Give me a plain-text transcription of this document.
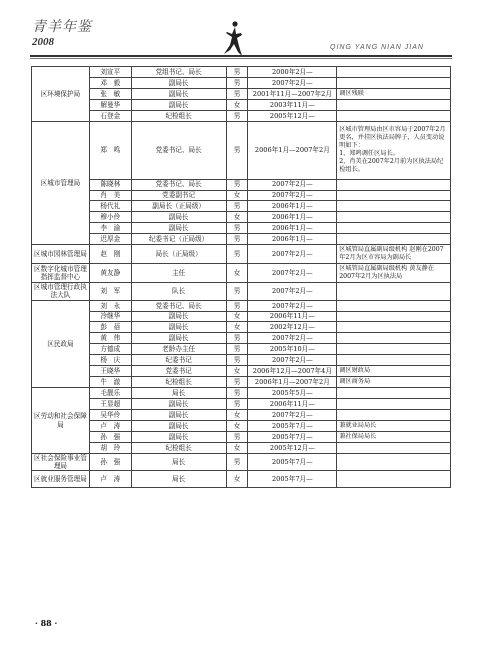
青羊年鉴
2008	QING YANG NIAN JIAN
区环境保护局	刘宣平	党组书记、局长	男	2000年2月—	
	邓　毅	副局长	男	2007年2月—	
	张　敏	副局长	男	2001年11月—2007年2月	调区残联
	解曼华	副局长	女	2003年11月—	
	石登金	纪检组长	男	2005年12月—	
区城市管理局	郑　鸣	党委书记、局长	男	2006年1月—2007年2月	区城市管理局由区市容局于2007年2月更名，并挂区执法局牌子，人员变动说明如下：
1、郑鸣调任区局长。
2、肖美在2007年2月前为区执法局纪检组长。
	陈晓林	党委书记、局长	男	2007年2月—	
	肖　美	党委副书记	女	2007年2月—	
	杨代礼	副局长（正局级）	男	2006年1月—	
	穆小伶	副局长	女	2006年1月—	
	李　渝	副局长	男	2006年1月—	
	迟厚金	纪委书记（正局级）	男	2006年1月—	
区城市园林管理局	赵　刚	局长（正局级）	男	2007年2月—	区城管局直属副局级机构 赵刚在2007年2月为区市容局为副局长
区数字化城市管理指挥监督中心	黄友静	主任	女	2007年2月—	区城管局直属副局级机构 黄友静在2007年2月为区执法局
区城市管理行政执法大队	刘　军	队长	男	2007年2月—	
区民政局	刘　永	党委书记、局长	男	2007年2月—	
	冷继华	副局长	女	2006年11月—	
	彭　蓓	副局长	女	2002年12月—	
	黄　伟	副局长	男	2007年2月—	
	方德成	老龄办主任	男	2005年10月—	
	杨　庆	纪委书记	男	2007年2月—	
	王晓华	党委书记	女	2006年12月—2007年4月	调区财政局
	牛　澈	纪检组长	男	2006年1月—2007年2月	调区商务局
区劳动和社会保障局	毛靓乐	局长	男	2005年5月—	
	王显超	副局长	男	2006年11月—	
	吴华伶	副局长	女	2007年2月—	
	卢　涛	副局长	女	2005年7月—	兼就业局局长
	孙　强	副局长	男	2005年7月—	兼社保局局长
	胡　玲	纪检组长	女	2005年12月—	
区社会保险事业管理局	孙　强	局长	男	2005年7月—	
区就业服务管理局	卢　涛	局长	女	2005年7月—	
· 88 ·
